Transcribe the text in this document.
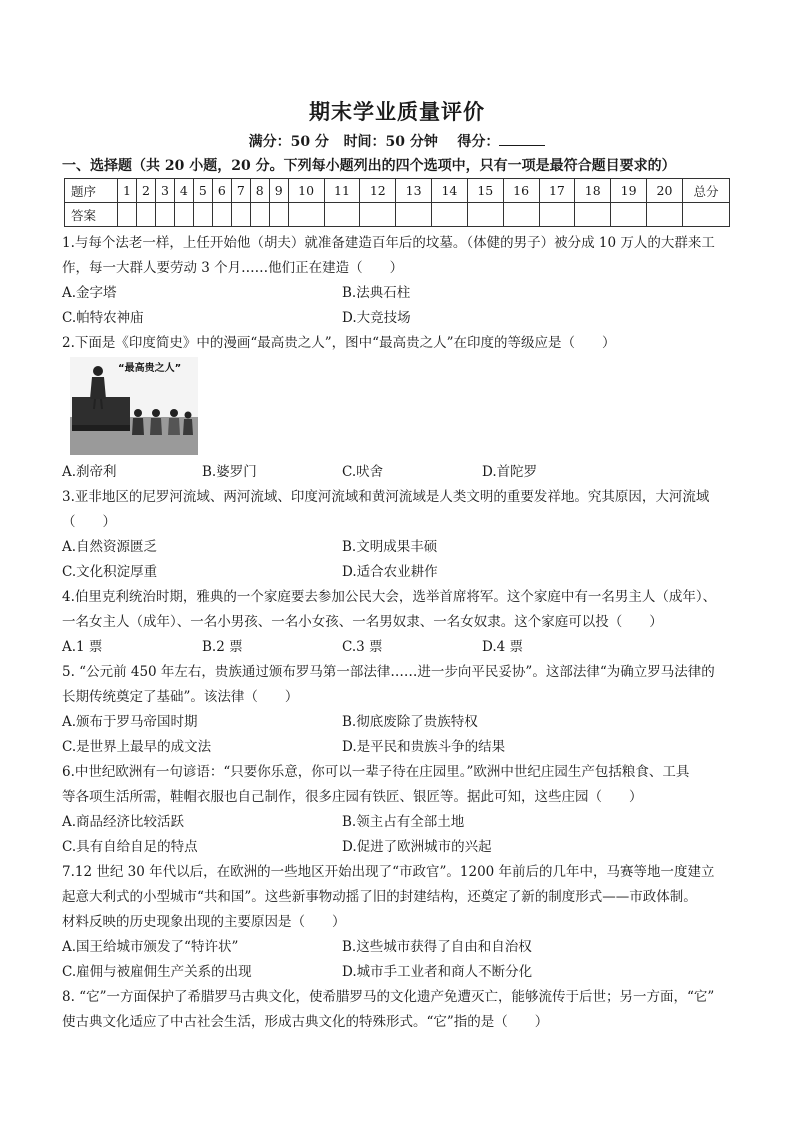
期末学业质量评价
满分：50 分 时间：50 分钟 得分：
一、选择题（共 20 小题，20 分。下列每小题列出的四个选项中，只有一项是最符合题目要求的）
题序	1	2	3	4	5	6	7	8	9	10	11	12	13	14	15	16	17	18	19	20	总分
答案																					
1.与每个法老一样，上任开始他（胡夫）就准备建造百年后的坟墓。（体健的男子）被分成 10 万人的大群来工
作，每一大群人要劳动 3 个月……他们正在建造（　　）
A.金字塔	B.法典石柱
C.帕特农神庙	D.大竞技场
2.下面是《印度简史》中的漫画“最高贵之人”，图中“最高贵之人”在印度的等级应是（　　）
“最高贵之人”
A.刹帝利	B.婆罗门	C.吠舍	D.首陀罗
3.亚非地区的尼罗河流域、两河流域、印度河流域和黄河流域是人类文明的重要发祥地。究其原因，大河流域
（　　）
A.自然资源匮乏	B.文明成果丰硕
C.文化积淀厚重	D.适合农业耕作
4.伯里克利统治时期，雅典的一个家庭要去参加公民大会，选举首席将军。这个家庭中有一名男主人（成年）、
一名女主人（成年）、一名小男孩、一名小女孩、一名男奴隶、一名女奴隶。这个家庭可以投（　　）
A.1 票	B.2 票	C.3 票	D.4 票
5. “公元前 450 年左右，贵族通过颁布罗马第一部法律……进一步向平民妥协”。这部法律“为确立罗马法律的
长期传统奠定了基础”。该法律（　　）
A.颁布于罗马帝国时期	B.彻底废除了贵族特权
C.是世界上最早的成文法	D.是平民和贵族斗争的结果
6.中世纪欧洲有一句谚语：“只要你乐意，你可以一辈子待在庄园里。”欧洲中世纪庄园生产包括粮食、工具
等各项生活所需，鞋帽衣服也自己制作，很多庄园有铁匠、银匠等。据此可知，这些庄园（　　）
A.商品经济比较活跃	B.领主占有全部土地
C.具有自给自足的特点	D.促进了欧洲城市的兴起
7.12 世纪 30 年代以后，在欧洲的一些地区开始出现了“市政官”。1200 年前后的几年中，马赛等地一度建立
起意大利式的小型城市“共和国”。这些新事物动摇了旧的封建结构，还奠定了新的制度形式——市政体制。
材料反映的历史现象出现的主要原因是（　　）
A.国王给城市颁发了“特许状”	B.这些城市获得了自由和自治权
C.雇佣与被雇佣生产关系的出现	D.城市手工业者和商人不断分化
8. “它”一方面保护了希腊罗马古典文化，使希腊罗马的文化遗产免遭灭亡，能够流传于后世；另一方面，“它”
使古典文化适应了中古社会生活，形成古典文化的特殊形式。“它”指的是（　　）
